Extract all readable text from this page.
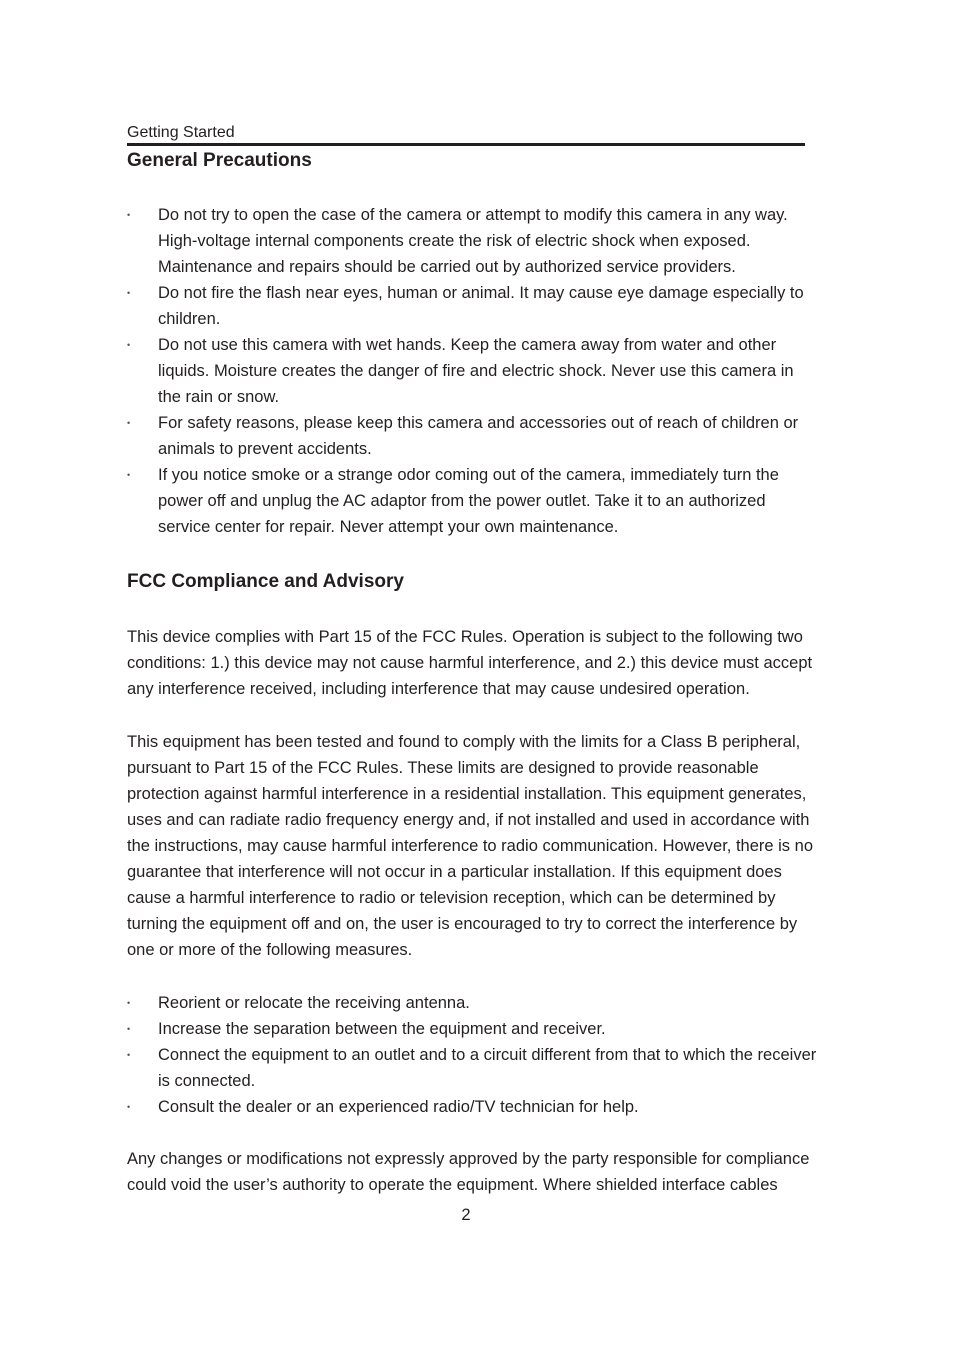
Getting Started
General Precautions
• Do not try to open the case of the camera or attempt to modify this camera in any way. High-voltage internal components create the risk of electric shock when exposed. Maintenance and repairs should be carried out by authorized service providers.
• Do not fire the flash near eyes, human or animal. It may cause eye damage especially to children.
• Do not use this camera with wet hands. Keep the camera away from water and other liquids. Moisture creates the danger of fire and electric shock. Never use this camera in the rain or snow.
• For safety reasons, please keep this camera and accessories out of reach of children or animals to prevent accidents.
• If you notice smoke or a strange odor coming out of the camera, immediately turn the power off and unplug the AC adaptor from the power outlet. Take it to an authorized service center for repair. Never attempt your own maintenance.
FCC Compliance and Advisory

This device complies with Part 15 of the FCC Rules. Operation is subject to the following two conditions: 1.) this device may not cause harmful interference, and 2.) this device must accept any interference received, including interference that may cause undesired operation.

This equipment has been tested and found to comply with the limits for a Class B peripheral, pursuant to Part 15 of the FCC Rules. These limits are designed to provide reasonable protection against harmful interference in a residential installation. This equipment generates, uses and can radiate radio frequency energy and, if not installed and used in accordance with the instructions, may cause harmful interference to radio communication. However, there is no guarantee that interference will not occur in a particular installation. If this equipment does cause a harmful interference to radio or television reception, which can be determined by turning the equipment off and on, the user is encouraged to try to correct the interference by one or more of the following measures.

• Reorient or relocate the receiving antenna.
• Increase the separation between the equipment and receiver.
• Connect the equipment to an outlet and to a circuit different from that to which the receiver is connected.
• Consult the dealer or an experienced radio/TV technician for help.

Any changes or modifications not expressly approved by the party responsible for compliance could void the user’s authority to operate the equipment. Where shielded interface cables

2
